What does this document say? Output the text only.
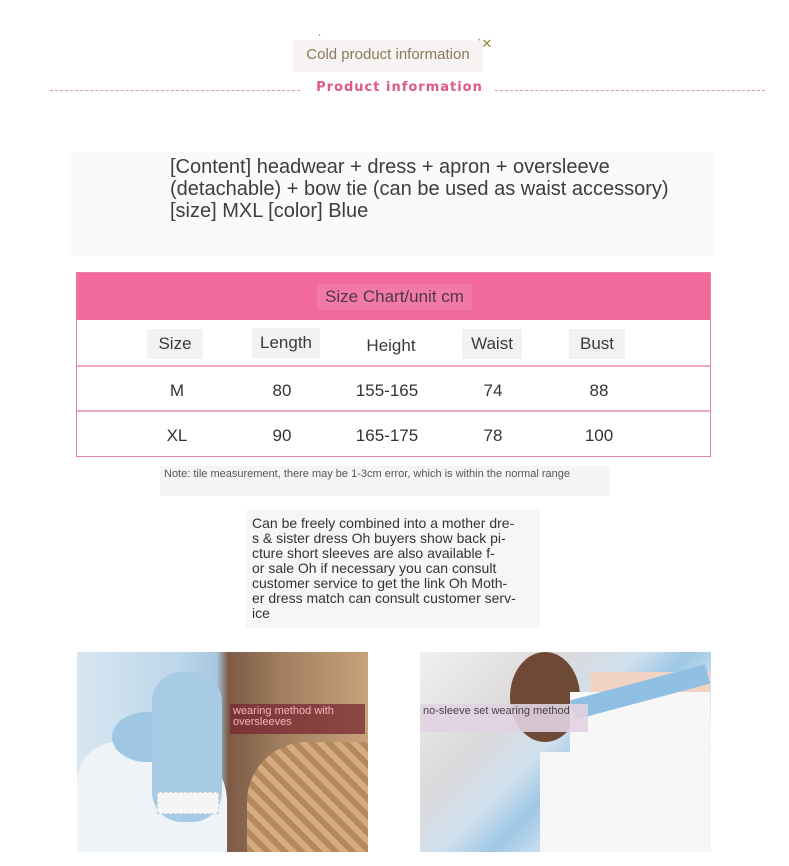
Cold product information
ˋ✕
Product information
[Content] headwear + dress + apron + oversleeve (detachable) + bow tie (can be used as waist accessory) [size] MXL [color] Blue
Size Chart/unit cm
Size	Length	Height	Waist	Bust
M	80	155-165	74	88
XL	90	165-175	78	100
Note: tile measurement, there may be 1-3cm error, which is within the normal range
Can be freely combined into a mother dre-
s & sister dress Oh buyers show back pi-
cture short sleeves are also available f-
or sale Oh if necessary you can consult
customer service to get the link Oh Moth-
er dress match can consult customer serv-
ice
wearing method with oversleeves
no-sleeve set wearing method
